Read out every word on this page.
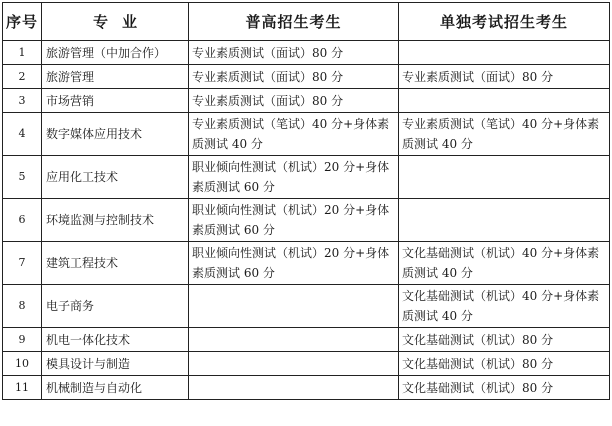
序号	专业	普高招生考生	单独考试招生考生
1	旅游管理（中加合作）	专业素质测试（面试）80 分	

2	旅游管理	专业素质测试（面试）80 分	专业素质测试（面试）80 分

3	市场营销	专业素质测试（面试）80 分	

4	数字媒体应用技术	专业素质测试（笔试）40 分+身体素质测试 40 分	专业素质测试（笔试）40 分+身体素质测试 40 分

5	应用化工技术	职业倾向性测试（机试）20 分+身体素质测试 60 分	

6	环境监测与控制技术	职业倾向性测试（机试）20 分+身体素质测试 60 分	

7	建筑工程技术	职业倾向性测试（机试）20 分+身体素质测试 60 分	文化基础测试（机试）40 分+身体素质测试 40 分

8	电子商务		文化基础测试（机试）40 分+身体素质测试 40 分

9	机电一体化技术		文化基础测试（机试）80 分

10	模具设计与制造		文化基础测试（机试）80 分

11	机械制造与自动化		文化基础测试（机试）80 分
